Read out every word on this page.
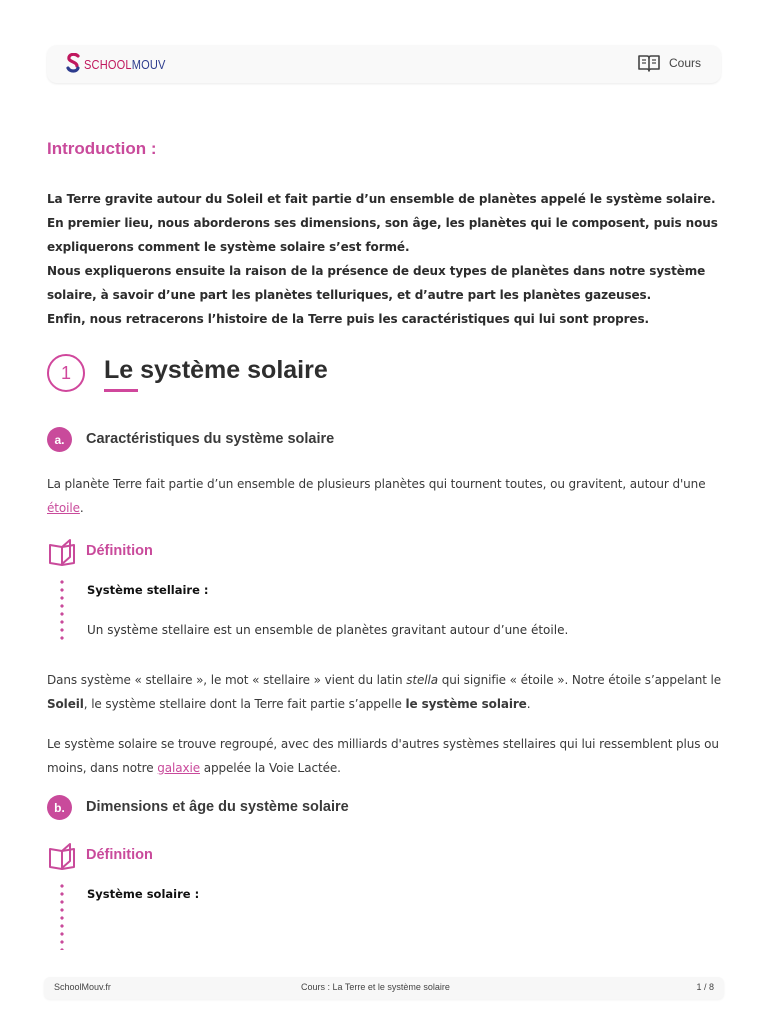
SCHOOLMOUV	Cours
Introduction :

La Terre gravite autour du Soleil et fait partie d’un ensemble de planètes appelé le système solaire. En premier lieu, nous aborderons ses dimensions, son âge, les planètes qui le composent, puis nous expliquerons comment le système solaire s’est formé.

Nous expliquerons ensuite la raison de la présence de deux types de planètes dans notre système solaire, à savoir d’une part les planètes telluriques, et d’autre part les planètes gazeuses.

Enfin, nous retracerons l’histoire de la Terre puis les caractéristiques qui lui sont propres.

1	Le système solaire
a.	Caractéristiques du système solaire

La planète Terre fait partie d’un ensemble de plusieurs planètes qui tournent toutes, ou gravitent, autour d'une
étoile.

Définition
Système stellaire :
Un système stellaire est un ensemble de planètes gravitant autour d’une étoile.

Dans système « stellaire », le mot « stellaire » vient du latin stella qui signifie « étoile ». Notre étoile s’appelant le Soleil, le système stellaire dont la Terre fait partie s’appelle le système solaire.

Le système solaire se trouve regroupé, avec des milliards d'autres systèmes stellaires qui lui ressemblent plus ou moins, dans notre galaxie appelée la Voie Lactée.

b.	Dimensions et âge du système solaire
Définition
Système solaire :
SchoolMouv.fr	Cours : La Terre et le système solaire	1 / 8
